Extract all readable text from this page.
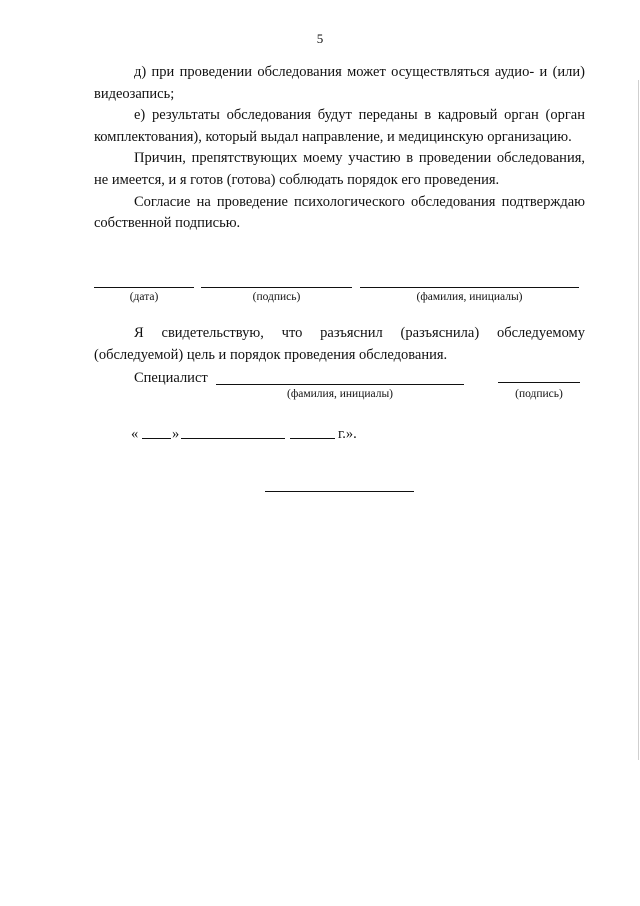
5

д) при проведении обследования может осуществляться аудио- и (или) видеозапись;

е) результаты обследования будут переданы в кадровый орган (орган комплектования), который выдал направление, и медицинскую организацию.

Причин, препятствующих моему участию в проведении обследования, не имеется, и я готов (готова) соблюдать порядок его проведения.

Согласие на проведение психологического обследования подтверждаю собственной подписью.

(дата)	(подпись)	(фамилия, инициалы)

Я свидетельствую, что разъяснил (разъяснила) обследуемому (обследуемой) цель и порядок проведения обследования.

Специалист
(фамилия, инициалы)	(подпись)
« »	г.».
